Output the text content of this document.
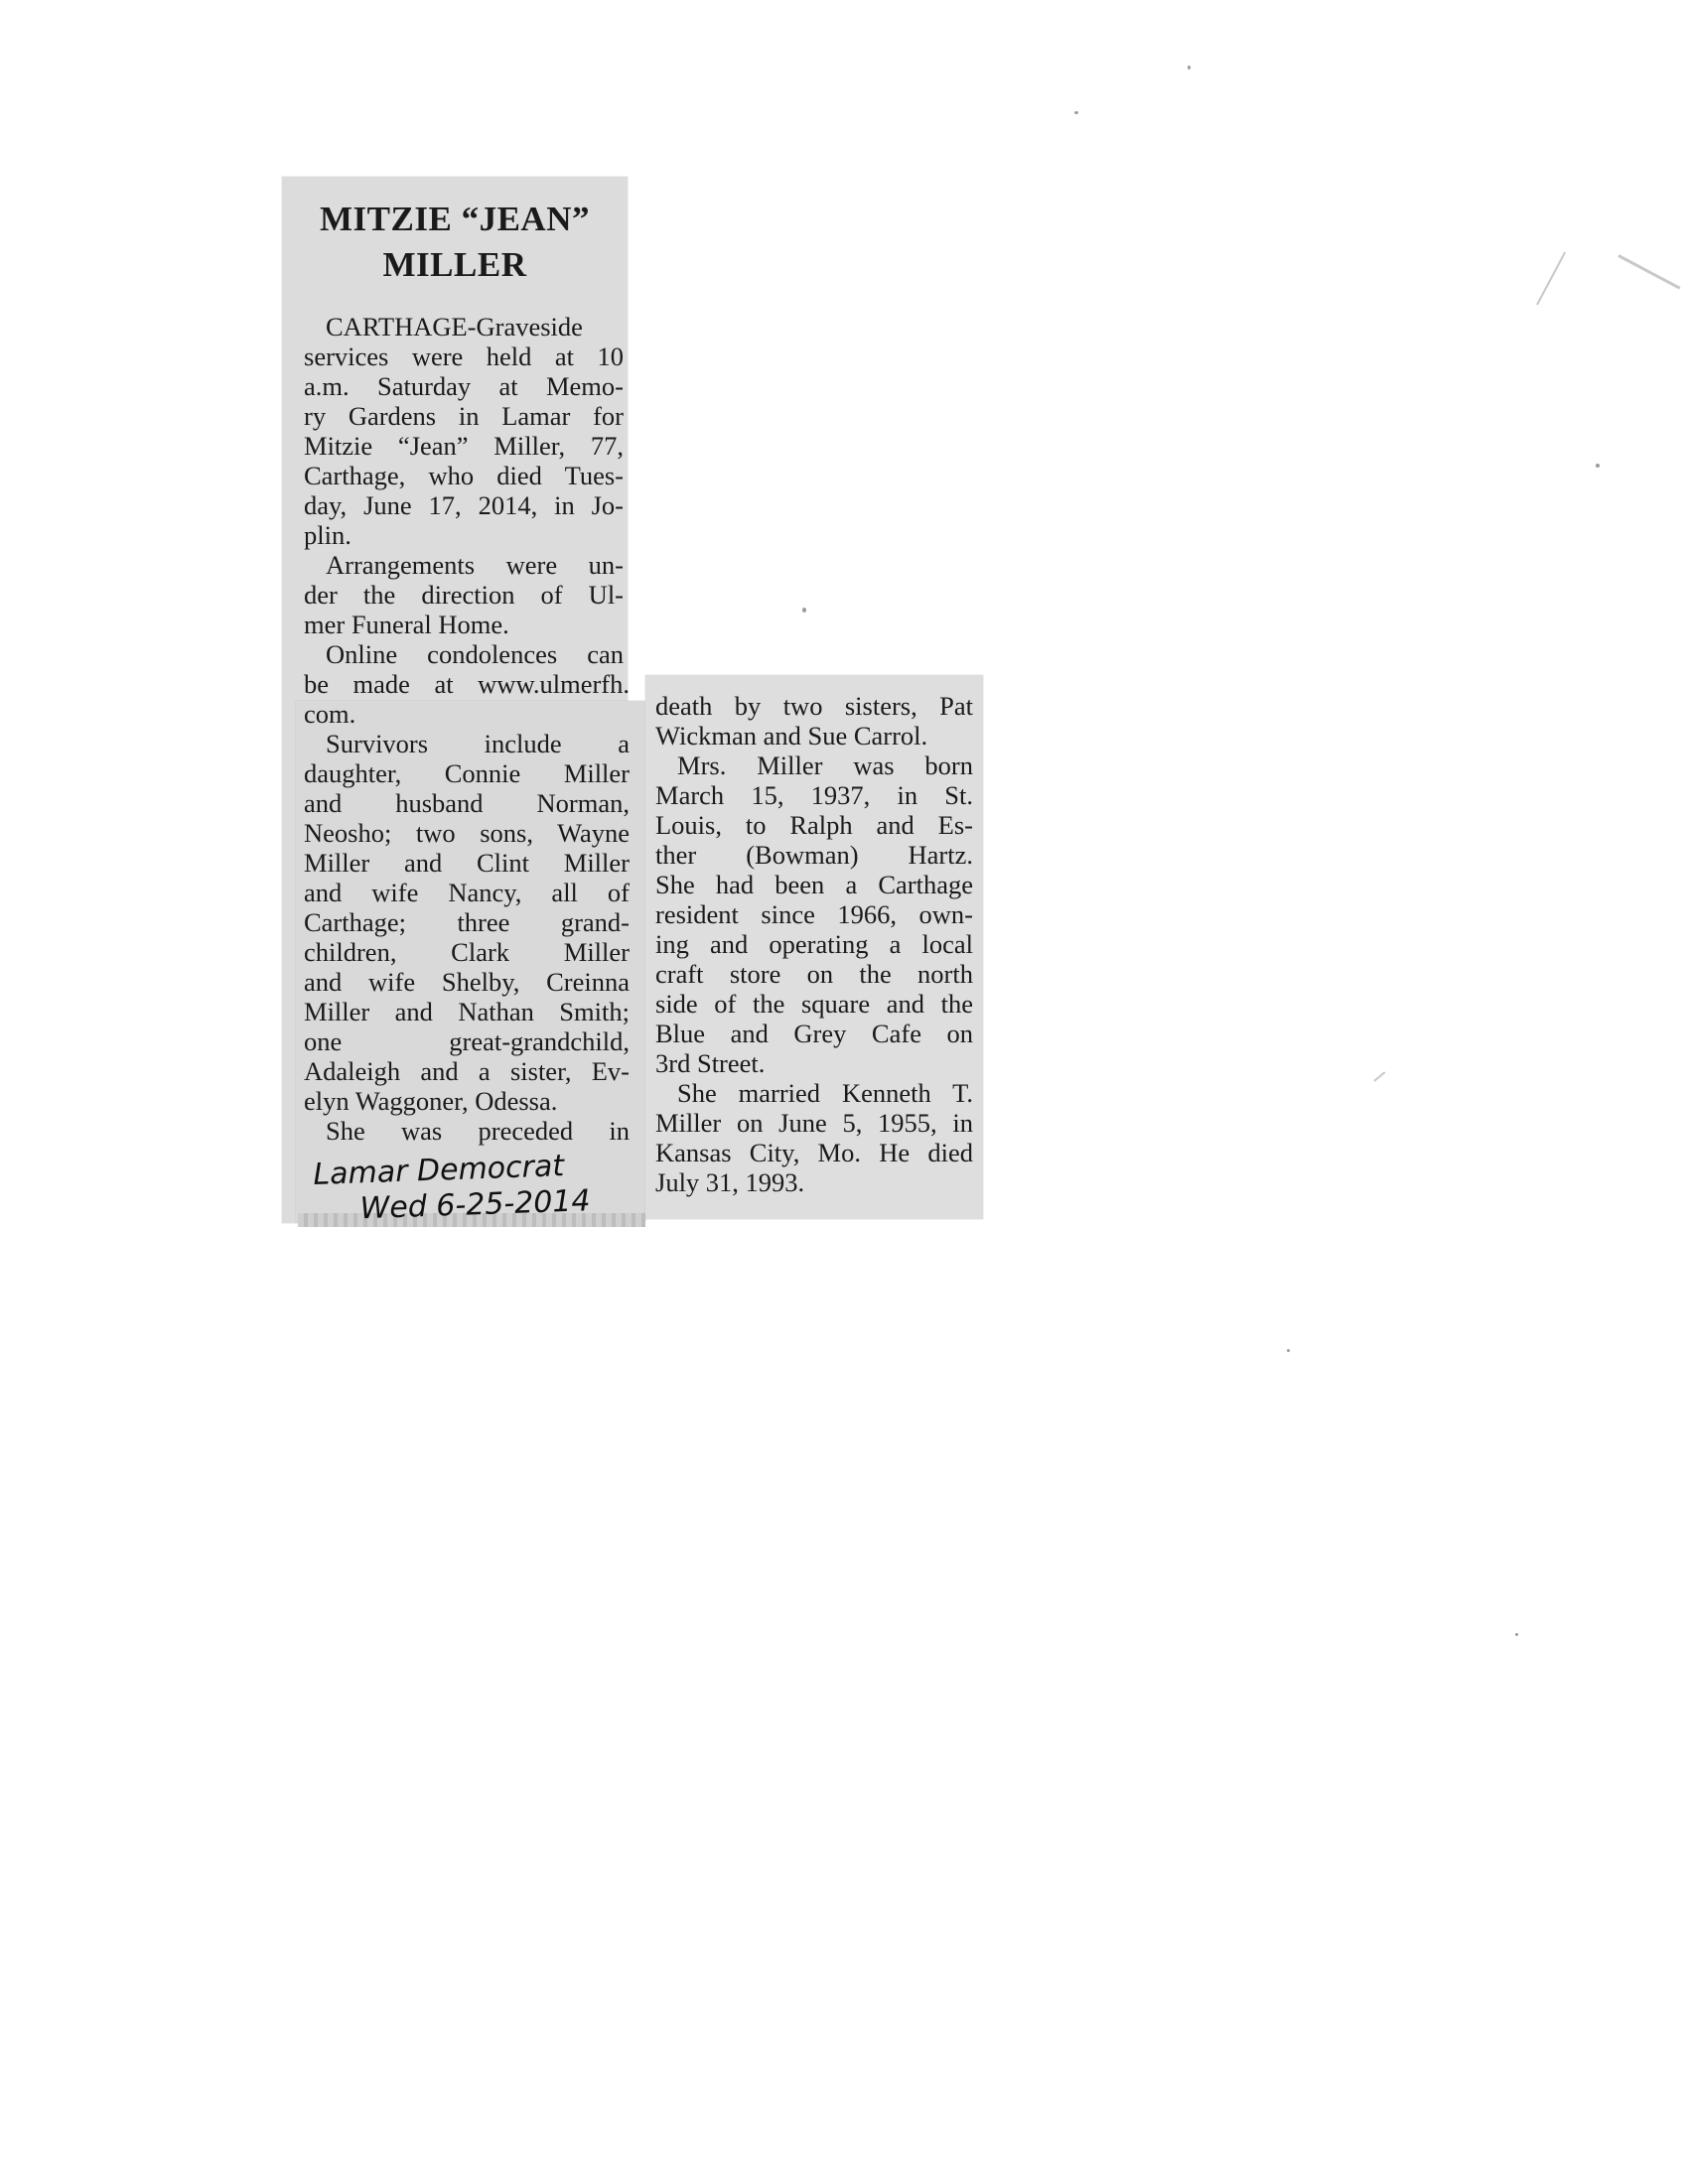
MITZIE “JEAN”
MILLER
CARTHAGE-Graveside
services were held at 10
a.m. Saturday at Memo-
ry Gardens in Lamar for
Mitzie “Jean” Miller, 77,
Carthage, who died Tues-
day, June 17, 2014, in Jo-
plin.
Arrangements were un-
der the direction of Ul-
mer Funeral Home.
Online condolences can
be made at www.ulmerfh.
com.
Survivors include a
daughter, Connie Miller
and husband Norman,
Neosho; two sons, Wayne
Miller and Clint Miller
and wife Nancy, all of
Carthage; three grand-
children, Clark Miller
and wife Shelby, Creinna
Miller and Nathan Smith;
one great-grandchild,
Adaleigh and a sister, Ev-
elyn Waggoner, Odessa.
She was preceded in
death by two sisters, Pat
Wickman and Sue Carrol.
Mrs. Miller was born
March 15, 1937, in St.
Louis, to Ralph and Es-
ther (Bowman) Hartz.
She had been a Carthage
resident since 1966, own-
ing and operating a local
craft store on the north
side of the square and the
Blue and Grey Cafe on
3rd Street.
She married Kenneth T.
Miller on June 5, 1955, in
Kansas City, Mo. He died
July 31, 1993.
Lamar Democrat
Wed 6-25-2014
